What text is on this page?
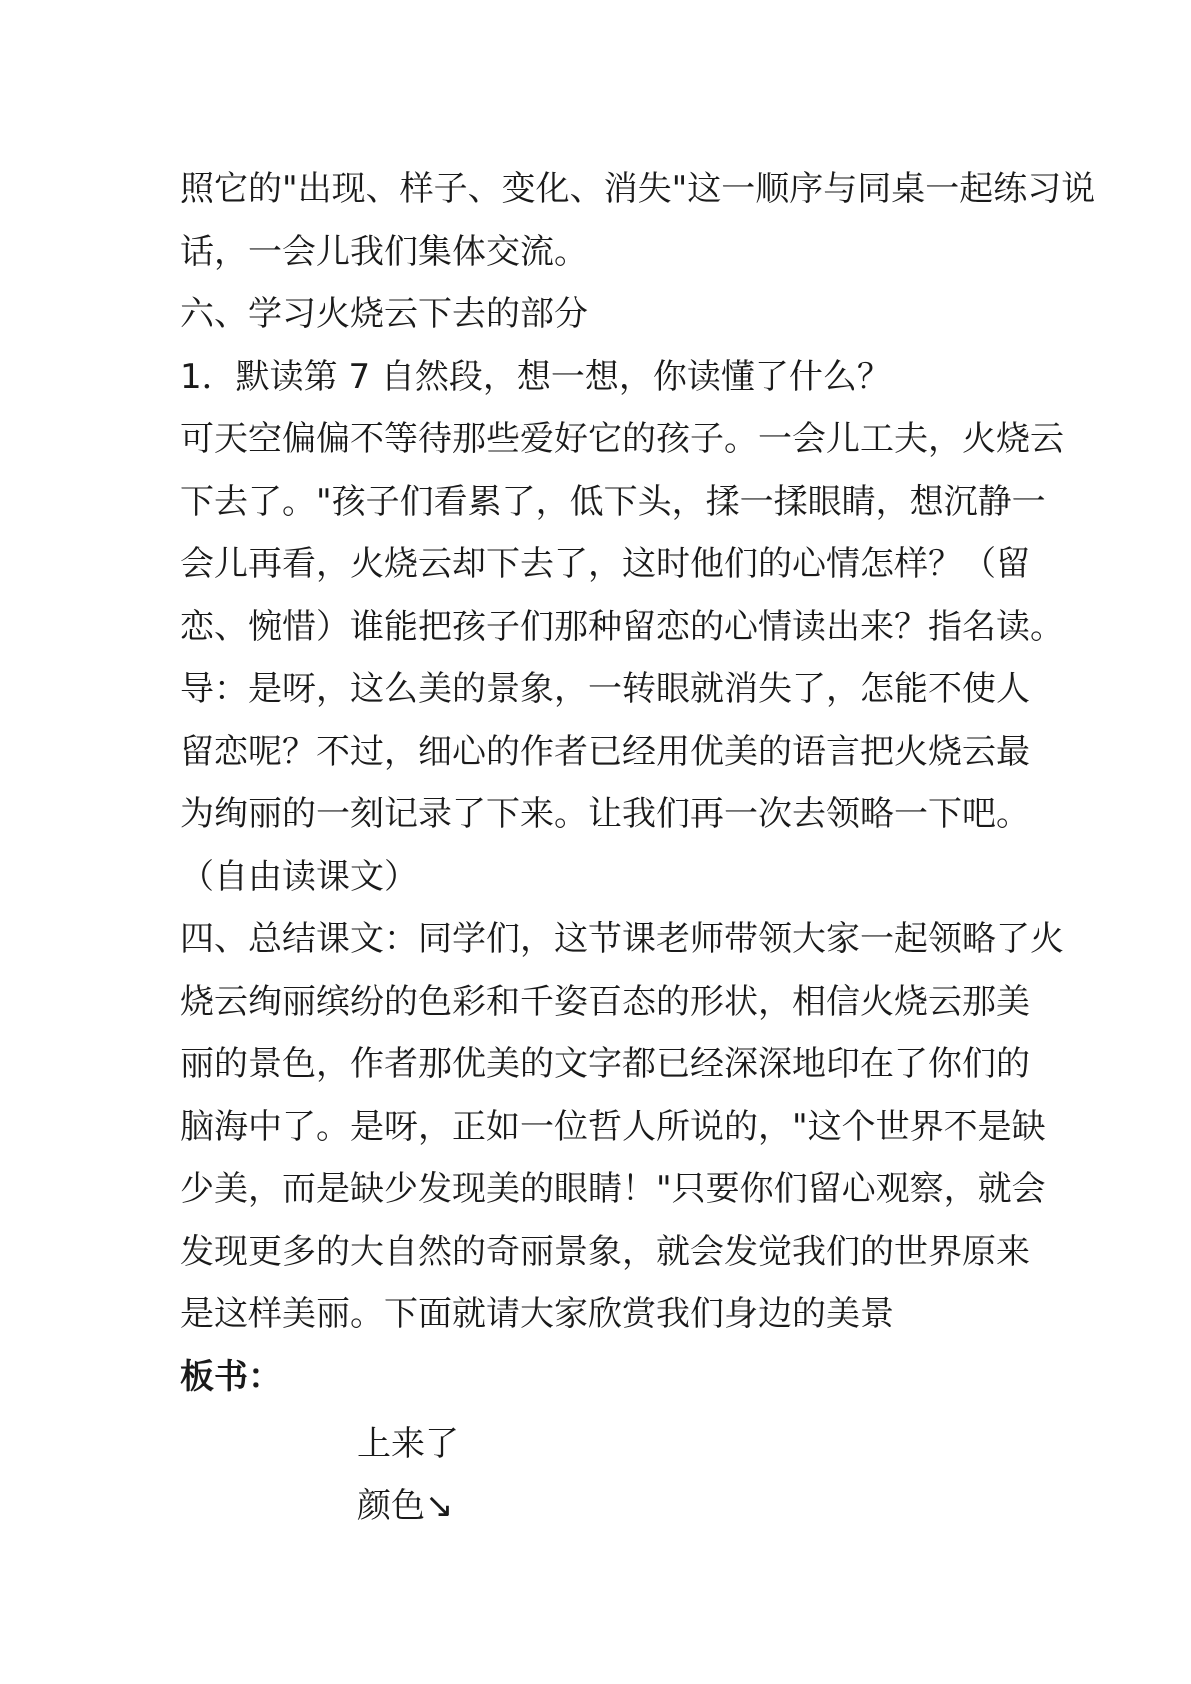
照它的"出现、样子、变化、消失"这一顺序与同桌一起练习说
话，一会儿我们集体交流。
六、学习火烧云下去的部分
1．默读第 7 自然段，想一想，你读懂了什么？
可天空偏偏不等待那些爱好它的孩子。一会儿工夫，火烧云
下去了。"孩子们看累了，低下头，揉一揉眼睛，想沉静一
会儿再看，火烧云却下去了，这时他们的心情怎样？（留
恋、惋惜）谁能把孩子们那种留恋的心情读出来？指名读。
导：是呀，这么美的景象，一转眼就消失了，怎能不使人
留恋呢？不过，细心的作者已经用优美的语言把火烧云最
为绚丽的一刻记录了下来。让我们再一次去领略一下吧。
（自由读课文）
四、总结课文：同学们，这节课老师带领大家一起领略了火
烧云绚丽缤纷的色彩和千姿百态的形状，相信火烧云那美
丽的景色，作者那优美的文字都已经深深地印在了你们的
脑海中了。是呀，正如一位哲人所说的，"这个世界不是缺
少美，而是缺少发现美的眼睛！"只要你们留心观察，就会
发现更多的大自然的奇丽景象，就会发觉我们的世界原来
是这样美丽。下面就请大家欣赏我们身边的美景
板书：
上来了
颜色↘
